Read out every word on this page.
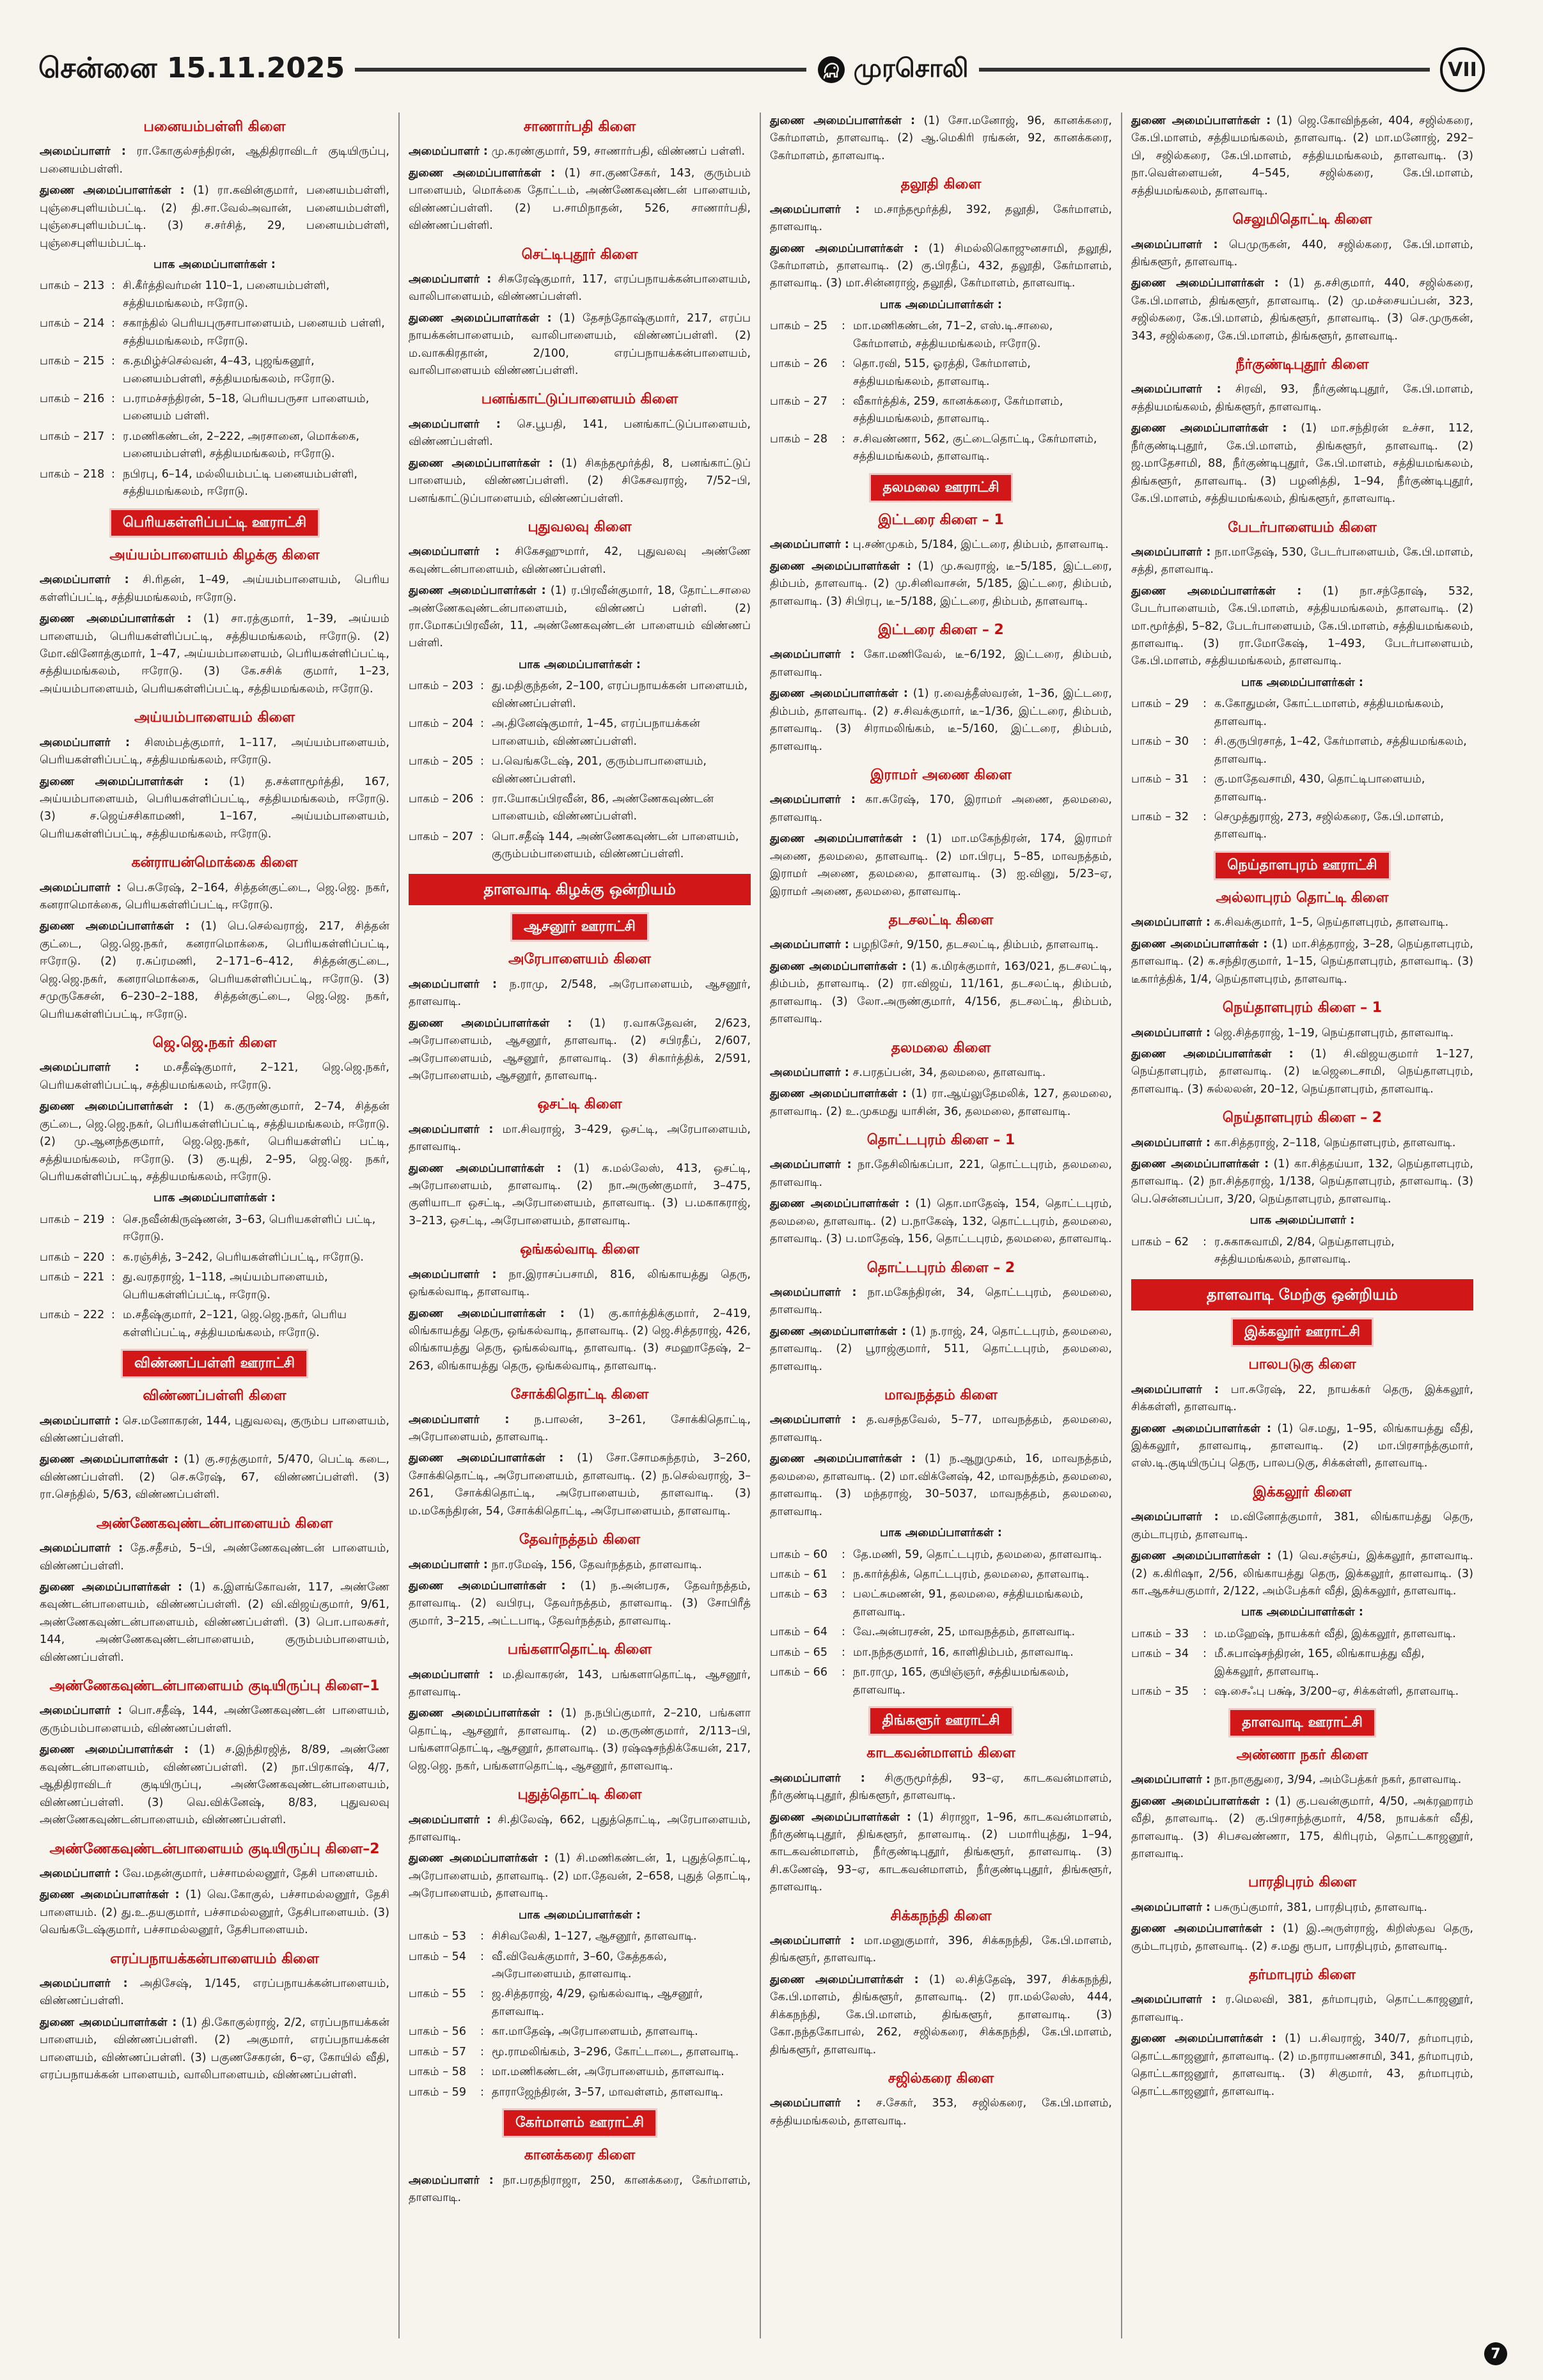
சென்னை 15.11.2025	முரசொலி	VII
பனையம்பள்ளி கிளை

அமைப்பாளர் : ரா.கோகுல்சந்திரன், ஆதிதிராவிடர் குடியிருப்பு, பனையம்பள்ளி.

துணை அமைப்பாளர்கள் : (1) ரா.கவின்குமார், பனையம்பள்ளி, புஞ்சைபுளியம்பட்டி. (2) தி.சா.வேல்அவான், பனையம்பள்ளி, புஞ்சைபுளியம்பட்டி. (3) ச.சர்சித், 29, பனையம்பள்ளி, புஞ்சைபுளியம்பட்டி.

பாக அமைப்பாளர்கள் :
பாகம் – 213 : சி.கீர்த்திவர்மன் 110–1, பனையம்பள்ளி, சத்தியமங்கலம், ஈரோடு.
பாகம் – 214 : சகாந்தில் பெரியபுருசாபாளையம், பனையம் பள்ளி, சத்தியமங்கலம், ஈரோடு.
பாகம் – 215 : க.தமிழ்ச்செல்வன், 4–43, புஜங்கனூர், பனையம்பள்ளி, சத்தியமங்கலம், ஈரோடு.
பாகம் – 216 : ப.ராமச்சந்திரன், 5–18, பெரியபருசா பாளையம், பனையம் பள்ளி.
பாகம் – 217 : ர.மணிகண்டன், 2–222, அரசானை, மொக்கை, பனையம்பள்ளி, சத்தியமங்கலம், ஈரோடு.
பாகம் – 218 : நபிரபு, 6–14, மல்லியம்பட்டி பனையம்பள்ளி, சத்தியமங்கலம், ஈரோடு.
பெரியகள்ளிப்பட்டி ஊராட்சி
அய்யம்பாளையம் கிழக்கு கிளை

அமைப்பாளர் : சி.ரிதன், 1–49, அய்யம்பாளையம், பெரிய கள்ளிப்பட்டி, சத்தியமங்கலம், ஈரோடு.

துணை அமைப்பாளர்கள் : (1) சா.ரத்குமார், 1–39, அய்யம் பாளையம், பெரியகள்ளிப்பட்டி, சத்தியமங்கலம், ஈரோடு. (2) மோ.வினோத்குமார், 1–47, அய்யம்பாளையம், பெரியகள்ளிப்பட்டி, சத்தியமங்கலம், ஈரோடு. (3) கே.சசிக் குமார், 1–23, அய்யம்பாளையம், பெரியகள்ளிப்பட்டி, சத்தியமங்கலம், ஈரோடு.

அய்யம்பாளையம் கிளை

அமைப்பாளர் : சிஸம்பத்குமார், 1–117, அய்யம்பாளையம், பெரியகள்ளிப்பட்டி, சத்தியமங்கலம், ஈரோடு.

துணை அமைப்பாளர்கள் : (1) த.சக்ளாமூர்த்தி, 167, அய்யம்பாளையம், பெரியகள்ளிப்பட்டி, சத்தியமங்கலம், ஈரோடு. (3) ச.ஜெய்சசிகாமணி, 1–167, அய்யம்பாளையம், பெரியகள்ளிப்பட்டி, சத்தியமங்கலம், ஈரோடு.

கன்ராயன்மொக்கை கிளை

அமைப்பாளர் : பெ.சுரேஷ், 2–164, சித்தன்குட்டை, ஜெ.ஜெ. நகர், கனராமொக்கை, பெரியகள்ளிப்பட்டி, ஈரோடு.

துணை அமைப்பாளர்கள் : (1) பெ.செல்வராஜ், 217, சித்தன் குட்டை, ஜெ.ஜெ.நகர், கனராமொக்கை, பெரியகள்ளிப்பட்டி, ஈரோடு. (2) ர.சுப்ரமணி, 2–171–6–412, சித்தன்குட்டை, ஜெ.ஜெ.நகர், கனராமொக்கை, பெரியகள்ளிப்பட்டி, ஈரோடு. (3) சமுருகேசன், 6–230–2–188, சித்தன்குட்டை, ஜெ.ஜெ. நகர், பெரியகள்ளிப்பட்டி, ஈரோடு.

ஜெ.ஜெ.நகர் கிளை

அமைப்பாளர் : ம.சதீஷ்குமார், 2–121, ஜெ.ஜெ.நகர், பெரியகள்ளிப்பட்டி, சத்தியமங்கலம், ஈரோடு.

துணை அமைப்பாளர்கள் : (1) க.குருண்குமார், 2–74, சித்தன் குட்டை, ஜெ.ஜெ.நகர், பெரியகள்ளிப்பட்டி, சத்தியமங்கலம், ஈரோடு. (2) மு.ஆனந்தகுமார், ஜெ.ஜெ.நகர், பெரியகள்ளிப் பட்டி, சத்தியமங்கலம், ஈரோடு. (3) கு.யுதி, 2–95, ஜெ.ஜெ. நகர், பெரியகள்ளிப்பட்டி, சத்தியமங்கலம், ஈரோடு.

பாக அமைப்பாளர்கள் :
பாகம் – 219 : செ.நவீன்கிருஷ்ணன், 3–63, பெரியகள்ளிப் பட்டி, ஈரோடு.
பாகம் – 220 : க.ரஞ்சித், 3–242, பெரியகள்ளிப்பட்டி, ஈரோடு.
பாகம் – 221 : து.வரதராஜ், 1–118, அய்யம்பாளையம், பெரியகள்ளிப்பட்டி, ஈரோடு.
பாகம் – 222 : ம.சதீஷ்குமார், 2–121, ஜெ.ஜெ.நகர், பெரிய கள்ளிப்பட்டி, சத்தியமங்கலம், ஈரோடு.
விண்ணப்பள்ளி ஊராட்சி
விண்ணப்பள்ளி கிளை

அமைப்பாளர் : செ.மனோகரன், 144, புதுவலவு, குரும்ப பாளையம், விண்ணப்பள்ளி.

துணை அமைப்பாளர்கள் : (1) கு.சரத்குமார், 5/470, பெட்டி கடை, விண்ணப்பள்ளி. (2) செ.சுரேஷ், 67, விண்ணப்பள்ளி. (3) ரா.செந்தில், 5/63, விண்ணப்பள்ளி.

அண்ணேகவுண்டன்பாளையம் கிளை

அமைப்பாளர் : தே.சதீசம், 5–பி, அண்ணேகவுண்டன் பாளையம், விண்ணப்பள்ளி.

துணை அமைப்பாளர்கள் : (1) க.இளங்கோவன், 117, அண்ணே கவுண்டன்பாளையம், விண்ணப்பள்ளி. (2) வி.விஜய்குமார், 9/61, அண்ணேகவுண்டன்பாளையம், விண்ணப்பள்ளி. (3) பொ.பாலசுசர், 144, அண்ணேகவுண்டன்பாளையம், குரும்பம்பாளையம், விண்ணப்பள்ளி.

அண்ணேகவுண்டன்பாளையம் குடியிருப்பு கிளை–1

அமைப்பாளர் : பொ.சதீஷ், 144, அண்ணேகவுண்டன் பாளையம், குரும்பம்பாளையம், விண்ணப்பள்ளி.

துணை அமைப்பாளர்கள் : (1) ச.இந்திரஜித், 8/89, அண்ணே கவுண்டன்பாளையம், விண்ணப்பள்ளி. (2) நா.பிரகாஷ், 4/7, ஆதிதிராவிடர் குடியிருப்பு, அண்ணேகவுண்டன்பாளையம், விண்ணப்பள்ளி. (3) வெ.விக்னேஷ், 8/83, புதுவலவு அண்ணேகவுண்டன்பாளையம், விண்ணப்பள்ளி.

அண்ணேகவுண்டன்பாளையம் குடியிருப்பு கிளை–2

அமைப்பாளர் : வே.மதன்குமார், பச்சாமல்லனூர், தேசி பாளையம்.

துணை அமைப்பாளர்கள் : (1) வெ.கோகுல், பச்சாமல்லனூர், தேசி பாளையம். (2) து.உ.தயகுமார், பச்சாமல்லனூர், தேசிபாளையம். (3) வெங்கடேஷ்குமார், பச்சாமல்லனூர், தேசிபாளையம்.

எரப்பநாயக்கன்பாளையம் கிளை

அமைப்பாளர் : அதிசேஷ், 1/145, எரப்பநாயக்கன்பாளையம், விண்ணப்பள்ளி.

துணை அமைப்பாளர்கள் : (1) தி.கோகுல்ராஜ், 2/2, எரப்பநாயக்கன் பாளையம், விண்ணப்பள்ளி. (2) அகுமார், எரப்பநாயக்கன் பாளையம், விண்ணப்பள்ளி. (3) பகுணசேகரன், 6–ஏ, கோயில் வீதி, எரப்பநாயக்கன் பாளையம், வாலிபாளையம், விண்ணப்பள்ளி.

சாணார்பதி கிளை

அமைப்பாளர் : மு.கரண்குமார், 59, சாணார்பதி, விண்ணப் பள்ளி.

துணை அமைப்பாளர்கள் : (1) சா.குணசேகர், 143, குரும்பம் பாளையம், மொக்கை தோட்டம், அண்ணேகவுண்டன் பாளையம், விண்ணப்பள்ளி. (2) ப.சாமிநாதன், 526, சாணார்பதி, விண்ணப்பள்ளி.

செட்டிபுதூர் கிளை

அமைப்பாளர் : சிசுரேஷ்குமார், 117, எரப்பநாயக்கன்பாளையம், வாலிபாளையம், விண்ணப்பள்ளி.

துணை அமைப்பாளர்கள் : (1) தேசந்தோஷ்குமார், 217, எரப்ப நாயக்கன்பாளையம், வாலிபாளையம், விண்ணப்பள்ளி. (2) ம.வாசுகிரதான், 2/100, எரப்பநாயக்கன்பாளையம், வாலிபாளையம் விண்ணப்பள்ளி.

பனங்காட்டுப்பாளையம் கிளை

அமைப்பாளர் : செ.பூபதி, 141, பனங்காட்டுப்பாளையம், விண்ணப்பள்ளி.

துணை அமைப்பாளர்கள் : (1) சிகந்தமூர்த்தி, 8, பனங்காட்டுப் பாளையம், விண்ணப்பள்ளி. (2) சிகேசவராஜ், 7/52–பி, பனங்காட்டுப்பாளையம், விண்ணப்பள்ளி.

புதுவலவு கிளை

அமைப்பாளர் : சிகேசஹுமார், 42, புதுவலவு அண்ணே கவுண்டன்பாளையம், விண்ணப்பள்ளி.

துணை அமைப்பாளர்கள் : (1) ர.பிரவீன்குமார், 18, தோட்டசாலை அண்ணேகவுண்டன்பாளையம், விண்ணப் பள்ளி. (2) ரா.மோகப்பிரவீன், 11, அண்ணேகவுண்டன் பாளையம் விண்ணப் பள்ளி.

பாக அமைப்பாளர்கள் :
பாகம் – 203 : து.மதிகுந்தன், 2–100, எரப்பநாயக்கன் பாளையம், விண்ணப்பள்ளி.
பாகம் – 204 : அ.தினேஷ்குமார், 1–45, எரப்பநாயக்கன் பாளையம், விண்ணப்பள்ளி.
பாகம் – 205 : ப.வெங்கடேஷ், 201, குரும்பாபாளையம், விண்ணப்பள்ளி.
பாகம் – 206 : ரா.யோகப்பிரவீன், 86, அண்ணேகவுண்டன் பாளையம், விண்ணப்பள்ளி.
பாகம் – 207 : பொ.சதீஷ் 144, அண்ணேகவுண்டன் பாளையம், குரும்பம்பாளையம், விண்ணப்பள்ளி.
தாளவாடி கிழக்கு ஒன்றியம்
ஆசனூர் ஊராட்சி
அரேபாளையம் கிளை

அமைப்பாளர் : ந.ராமு, 2/548, அரேபாளையம், ஆசனூர், தாளவாடி.

துணை அமைப்பாளர்கள் : (1) ர.வாசுதேவன், 2/623, அரேபாளையம், ஆசனூர், தாளவாடி. (2) சபிரதீப், 2/607, அரேபாளையம், ஆசனூர், தாளவாடி. (3) சிகார்த்திக், 2/591, அரேபாளையம், ஆசனூர், தாளவாடி.

ஒசட்டி கிளை

அமைப்பாளர் : மா.சிவராஜ், 3–429, ஒசட்டி, அரேபாளையம், தாளவாடி.

துணை அமைப்பாளர்கள் : (1) க.மல்லேஸ், 413, ஒசட்டி, அரேபாளையம், தாளவாடி. (2) நா.அருண்குமார், 3–475, குளியாடா ஒசட்டி, அரேபாளையம், தாளவாடி. (3) ப.மகாகராஜ், 3–213, ஒசட்டி, அரேபாளையம், தாளவாடி.

ஒங்கல்வாடி கிளை

அமைப்பாளர் : நா.இராசப்பசாமி, 816, லிங்காயத்து தெரு, ஒங்கல்வாடி, தாளவாடி.

துணை அமைப்பாளர்கள் : (1) கு.கார்த்திக்குமார், 2–419, லிங்காயத்து தெரு, ஒங்கல்வாடி, தாளவாடி. (2) ஜெ.சித்தராஜ், 426, லிங்காயத்து தெரு, ஒங்கல்வாடி, தாளவாடி. (3) சமஹாதேஷ், 2–263, லிங்காயத்து தெரு, ஒங்கல்வாடி, தாளவாடி.

சோக்கிதொட்டி கிளை

அமைப்பாளர் : ந.பாலன், 3–261, சோக்கிதொட்டி, அரேபாளையம், தாளவாடி.

துணை அமைப்பாளர்கள் : (1) சோ.சோமசுந்தரம், 3–260, சோக்கிதொட்டி, அரேபாளையம், தாளவாடி. (2) ந.செல்வராஜ், 3–261, சோக்கிதொட்டி, அரேபாளையம், தாளவாடி. (3) ம.மகேந்திரன், 54, சோக்கிதொட்டி, அரேபாளையம், தாளவாடி.

தேவர்நத்தம் கிளை

அமைப்பாளர் : நா.ரமேஷ், 156, தேவர்நத்தம், தாளவாடி.

துணை அமைப்பாளர்கள் : (1) ந.அன்பரசு, தேவர்நத்தம், தாளவாடி. (2) வபிரபு, தேவர்நத்தம், தாளவாடி. (3) சோபிரீத் குமார், 3–215, அட்டபாடி, தேவர்நத்தம், தாளவாடி.

பங்களாதொட்டி கிளை

அமைப்பாளர் : ம.திவாகரன், 143, பங்களாதொட்டி, ஆசனூர், தாளவாடி.

துணை அமைப்பாளர்கள் : (1) ந.நபிப்குமார், 2–210, பங்களா தொட்டி, ஆசனூர், தாளவாடி. (2) ம.குருண்குமார், 2/113–பி, பங்களாதொட்டி, ஆசனூர், தாளவாடி. (3) ரஷ்ஷசந்திக்கேயன், 217, ஜெ.ஜெ. நகர், பங்களாதொட்டி, ஆசனூர், தாளவாடி.

புதுத்தொட்டி கிளை

அமைப்பாளர் : சி.திலேஷ், 662, புதுத்தொட்டி, அரேபாளையம், தாளவாடி.

துணை அமைப்பாளர்கள் : (1) சி.மணிகண்டன், 1, புதுத்தொட்டி, அரேபாளையம், தாளவாடி. (2) மா.தேவன், 2–658, புதுத் தொட்டி, அரேபாளையம், தாளவாடி.

பாக அமைப்பாளர்கள் :
பாகம் – 53	: சிசிவலேகி, 1–127, ஆசனூர், தாளவாடி.
பாகம் – 54	: வீ.விவேக்குமார், 3–60, கேத்தகல், அரேபாளையம், தாளவாடி.
பாகம் – 55	: ஜ.சித்தராஜ், 4/29, ஒங்கல்வாடி, ஆசனூர், தாளவாடி.
பாகம் – 56	: கா.மாதேஷ், அரேபாளையம், தாளவாடி.
பாகம் – 57	: மூ.ராமலிங்கம், 3–296, கோட்டாடை, தாளவாடி.
பாகம் – 58	: மா.மணிகண்டன், அரேபாளையம், தாளவாடி.
பாகம் – 59	: தாராஜேந்திரன், 3–57, மாவள்ளம், தாளவாடி.
கேர்மாளம் ஊராட்சி
கானக்கரை கிளை

அமைப்பாளர் : நா.பரதநிராஜா, 250, கானக்கரை, கேர்மாளம், தாளவாடி.

துணை அமைப்பாளர்கள் : (1) சோ.மனோஜ், 96, கானக்கரை, கேர்மாளம், தாளவாடி. (2) ஆ.மெகிரி ரங்கன், 92, கானக்கரை, கேர்மாளம், தாளவாடி.

தலூதி கிளை

அமைப்பாளர் : ம.சாந்தமூர்த்தி, 392, தலூதி, கேர்மாளம், தாளவாடி.

துணை அமைப்பாளர்கள் : (1) சிமல்லிகொஜுனசாமி, தலூதி, கேர்மாளம், தாளவாடி. (2) கு.பிரதீப், 432, தலூதி, கேர்மாளம், தாளவாடி. (3) மா.சின்னராஜ், தலூதி, கேர்மாளம், தாளவாடி.

பாக அமைப்பாளர்கள் :
பாகம் – 25	: மா.மணிகண்டன், 71–2, எஸ்.டி.சாலை, கேர்மாளம், சத்தியமங்கலம், ஈரோடு.
பாகம் – 26	: தொ.ரவி, 515, ஓரத்தி, கேர்மாளம், சத்தியமங்கலம், தாளவாடி.
பாகம் – 27	: வீகார்த்திக், 259, கானக்கரை, கேர்மாளம், சத்தியமங்கலம், தாளவாடி.
பாகம் – 28	: ச.சிவண்ணா, 562, குட்டைதொட்டி, கேர்மாளம், சத்தியமங்கலம், தாளவாடி.
தலமலை ஊராட்சி
இட்டரை கிளை – 1

அமைப்பாளர் : பு.சண்முகம், 5/184, இட்டரை, திம்பம், தாளவாடி.

துணை அமைப்பாளர்கள் : (1) மு.சுவராஜ், டீ–5/185, இட்டரை, திம்பம், தாளவாடி. (2) மு.சினிவாசன், 5/185, இட்டரை, திம்பம், தாளவாடி. (3) சிபிரபு, டீ–5/188, இட்டரை, திம்பம், தாளவாடி.

இட்டரை கிளை – 2

அமைப்பாளர் : கோ.மணிவேல், டீ–6/192, இட்டரை, திம்பம், தாளவாடி.

துணை அமைப்பாளர்கள் : (1) ர.வைத்தீஸ்வரன், 1–36, இட்டரை, திம்பம், தாளவாடி. (2) ச.சிவக்குமார், டீ–1/36, இட்டரை, திம்பம், தாளவாடி. (3) சிராமலிங்கம், டீ–5/160, இட்டரை, திம்பம், தாளவாடி.

இராமர் அணை கிளை

அமைப்பாளர் : கா.சுரேஷ், 170, இராமர் அணை, தலமலை, தாளவாடி.

துணை அமைப்பாளர்கள் : (1) மா.மகேந்திரன், 174, இராமர் அணை, தலமலை, தாளவாடி. (2) மா.பிரபு, 5–85, மாவநத்தம், இராமர் அணை, தலமலை, தாளவாடி. (3) ஐ.வினு, 5/23–ஏ, இராமர் அணை, தலமலை, தாளவாடி.

தடசலட்டி கிளை

அமைப்பாளர் : பழநிசேர், 9/150, தடசலட்டி, திம்பம், தாளவாடி.

துணை அமைப்பாளர்கள் : (1) க.மிரக்குமார், 163/021, தடசலட்டி, திம்பம், தாளவாடி. (2) ரா.விஜய், 11/161, தடசலட்டி, திம்பம், தாளவாடி. (3) லோ.அருண்குமார், 4/156, தடசலட்டி, திம்பம், தாளவாடி.

தலமலை கிளை

அமைப்பாளர் : ச.பரதப்பன், 34, தலமலை, தாளவாடி.

துணை அமைப்பாளர்கள் : (1) ரா.ஆய்லுதேமலிக், 127, தலமலை, தாளவாடி. (2) உ.முகமது யாசின், 36, தலமலை, தாளவாடி.

தொட்டபுரம் கிளை – 1

அமைப்பாளர் : நா.தேசிலிங்கப்பா, 221, தொட்டபுரம், தலமலை, தாளவாடி.

துணை அமைப்பாளர்கள் : (1) தொ.மாதேஷ், 154, தொட்டபுரம், தலமலை, தாளவாடி. (2) ப.நாகேஷ், 132, தொட்டபுரம், தலமலை, தாளவாடி. (3) ப.மாதேஷ், 156, தொட்டபுரம், தலமலை, தாளவாடி.

தொட்டபுரம் கிளை – 2

அமைப்பாளர் : நா.மகேந்திரன், 34, தொட்டபுரம், தலமலை, தாளவாடி.

துணை அமைப்பாளர்கள் : (1) ந.ராஜ், 24, தொட்டபுரம், தலமலை, தாளவாடி. (2) பூராஜ்குமார், 511, தொட்டபுரம், தலமலை, தாளவாடி.

மாவநத்தம் கிளை

அமைப்பாளர் : த.வசந்தவேல், 5–77, மாவநத்தம், தலமலை, தாளவாடி.

துணை அமைப்பாளர்கள் : (1) ந.ஆறுமுகம், 16, மாவநத்தம், தலமலை, தாளவாடி. (2) மா.விக்னேஷ், 42, மாவநத்தம், தலமலை, தாளவாடி. (3) மந்தராஜ், 30–5037, மாவநத்தம், தலமலை, தாளவாடி.

பாக அமைப்பாளர்கள் :
பாகம் – 60	: தே.மணி, 59, தொட்டபுரம், தலமலை, தாளவாடி.
பாகம் – 61	: ந.கார்த்திக், தொட்டபுரம், தலமலை, தாளவாடி.
பாகம் – 63	: பலட்சுமணன், 91, தலமலை, சத்தியமங்கலம், தாளவாடி.
பாகம் – 64	: வே.அன்பரசன், 25, மாவநத்தம், தாளவாடி.
பாகம் – 65	: மா.நந்தகுமார், 16, காளிதிம்பம், தாளவாடி.
பாகம் – 66	: நா.ராமு, 165, குயிஞ்ஞர், சத்தியமங்கலம், தாளவாடி.
திங்களூர் ஊராட்சி
காடகவன்மாளம் கிளை

அமைப்பாளர் : சிகுருமூர்த்தி, 93–ஏ, காடகவன்மாளம், நீர்குண்டிபுதூர், திங்களூர், தாளவாடி.

துணை அமைப்பாளர்கள் : (1) சிராஜா, 1–96, காடகவன்மாளம், நீர்குண்டிபுதூர், திங்களூர், தாளவாடி. (2) பமாரியுத்து, 1–94, காடகவன்மாளம், நீர்குண்டிபுதூர், திங்களூர், தாளவாடி. (3) சி.கணேஷ், 93–ஏ, காடகவன்மாளம், நீர்குண்டிபுதூர், திங்களூர், தாளவாடி.

சிக்கநந்தி கிளை

அமைப்பாளர் : மா.மனுகுமார், 396, சிக்கநந்தி, கே.பி.மாளம், திங்களூர், தாளவாடி.

துணை அமைப்பாளர்கள் : (1) ல.சித்தேஷ், 397, சிக்கநந்தி, கே.பி.மாளம், திங்களூர், தாளவாடி. (2) ரா.மல்லேஸ், 444, சிக்கநந்தி, கே.பி.மாளம், திங்களூர், தாளவாடி. (3) கோ.நந்தகோபால், 262, சஜில்கரை, சிக்கநந்தி, கே.பி.மாளம், திங்களூர், தாளவாடி.

சஜில்கரை கிளை

அமைப்பாளர் : ச.சேகர், 353, சஜில்கரை, கே.பி.மாளம், சத்தியமங்கலம், தாளவாடி.

துணை அமைப்பாளர்கள் : (1) ஜெ.கோவிந்தன், 404, சஜில்கரை, கே.பி.மாளம், சத்தியமங்கலம், தாளவாடி. (2) மா.மனோஜ், 292–பி, சஜில்கரை, கே.பி.மாளம், சத்தியமங்கலம், தாளவாடி. (3) நா.வெள்ளையன், 4–545, சஜில்கரை, கே.பி.மாளம், சத்தியமங்கலம், தாளவாடி.

செலுமிதொட்டி கிளை

அமைப்பாளர் : பெமுருகன், 440, சஜில்கரை, கே.பி.மாளம், திங்களூர், தாளவாடி.

துணை அமைப்பாளர்கள் : (1) த.சசிகுமார், 440, சஜில்கரை, கே.பி.மாளம், திங்களூர், தாளவாடி. (2) மு.மச்சையப்பன், 323, சஜில்கரை, கே.பி.மாளம், திங்களூர், தாளவாடி. (3) செ.முருகன், 343, சஜில்கரை, கே.பி.மாளம், திங்களூர், தாளவாடி.

நீர்குண்டிபுதூர் கிளை

அமைப்பாளர் : சிரவி, 93, நீர்குண்டிபுதூர், கே.பி.மாளம், சத்தியமங்கலம், திங்களூர், தாளவாடி.

துணை அமைப்பாளர்கள் : (1) மா.சந்திரன் உச்சா, 112, நீர்குண்டிபுதூர், கே.பி.மாளம், திங்களூர், தாளவாடி. (2) ஜ.மாதேசாமி, 88, நீர்குண்டிபுதூர், கே.பி.மாளம், சத்தியமங்கலம், திங்களூர், தாளவாடி. (3) பழனித்தி, 1–94, நீர்குண்டிபுதூர், கே.பி.மாளம், சத்தியமங்கலம், திங்களூர், தாளவாடி.

பேடர்பாளையம் கிளை

அமைப்பாளர் : நா.மாதேஷ், 530, பேடர்பாளையம், கே.பி.மாளம், சத்தி, தாளவாடி.

துணை அமைப்பாளர்கள் : (1) நா.சந்தோஷ், 532, பேடர்பாளையம், கே.பி.மாளம், சத்தியமங்கலம், தாளவாடி. (2) மா.மூர்த்தி, 5–82, பேடர்பாளையம், கே.பி.மாளம், சத்தியமங்கலம், தாளவாடி. (3) ரா.மோகேஷ், 1–493, பேடர்பாளையம், கே.பி.மாளம், சத்தியமங்கலம், தாளவாடி.

பாக அமைப்பாளர்கள் :
பாகம் – 29	: க.கோதுமன், கோட்டமாளம், சத்தியமங்கலம், தாளவாடி.
பாகம் – 30	: சி.குருபிரசாத், 1–42, கேர்மாளம், சத்தியமங்கலம், தாளவாடி.
பாகம் – 31	: கு.மாதேவசாமி, 430, தொட்டிபாளையம், தாளவாடி.
பாகம் – 32	: செமுத்துராஜ், 273, சஜில்கரை, கே.பி.மாளம், தாளவாடி.
நெய்தாளபுரம் ஊராட்சி
அல்லாபுரம் தொட்டி கிளை

அமைப்பாளர் : க.சிவக்குமார், 1–5, நெய்தாளபுரம், தாளவாடி.

துணை அமைப்பாளர்கள் : (1) மா.சித்தராஜ், 3–28, நெய்தாளபுரம், தாளவாடி. (2) க.சந்திரகுமார், 1–15, நெய்தாளபுரம், தாளவாடி. (3) டீகார்த்திக், 1/4, நெய்தாளபுரம், தாளவாடி.

நெய்தாளபுரம் கிளை – 1

அமைப்பாளர் : ஜெ.சித்தராஜ், 1–19, நெய்தாளபுரம், தாளவாடி.

துணை அமைப்பாளர்கள் : (1) சி.விஜயகுமார் 1–127, நெய்தாளபுரம், தாளவாடி. (2) டீஜெடைசாமி, நெய்தாளபுரம், தாளவாடி. (3) சுல்லலன், 20–12, நெய்தாளபுரம், தாளவாடி.

நெய்தாளபுரம் கிளை – 2

அமைப்பாளர் : கா.சித்தராஜ், 2–118, நெய்தாளபுரம், தாளவாடி.

துணை அமைப்பாளர்கள் : (1) கா.சித்தய்யா, 132, நெய்தாளபுரம், தாளவாடி. (2) நா.சித்தராஜ், 1/138, நெய்தாளபுரம், தாளவாடி. (3) பெ.சென்னபப்பா, 3/20, நெய்தாளபுரம், தாளவாடி.

பாக அமைப்பாளர் :
பாகம் – 62	: ர.சுகாசுவாமி, 2/84, நெய்தாளபுரம், சத்தியமங்கலம், தாளவாடி.
தாளவாடி மேற்கு ஒன்றியம்
இக்கலூர் ஊராட்சி
பாலபடுகு கிளை

அமைப்பாளர் : பா.சுரேஷ், 22, நாயக்கர் தெரு, இக்கலூர், சிக்கள்ளி, தாளவாடி.

துணை அமைப்பாளர்கள் : (1) செ.மது, 1–95, லிங்காயத்து வீதி, இக்கலூர், தாளவாடி, தாளவாடி. (2) மா.பிரசாந்த்குமார், எஸ்.டி.குடியிருப்பு தெரு, பாலபடுகு, சிக்கள்ளி, தாளவாடி.

இக்கலூர் கிளை

அமைப்பாளர் : ம.வினோத்குமார், 381, லிங்காயத்து தெரு, கும்டாபுரம், தாளவாடி.

துணை அமைப்பாளர்கள் : (1) வெ.சஞ்சய், இக்கலூர், தாளவாடி. (2) க.கிரிஷா, 2/56, லிங்காயத்து தெரு, இக்கலூர், தாளவாடி. (3) கா.ஆகச்யகுமார், 2/122, அம்பேத்கர் வீதி, இக்கலூர், தாளவாடி.

பாக அமைப்பாளர்கள் :
பாகம் – 33	: ம.மஹேஷ், நாயக்கர் வீதி, இக்கலூர், தாளவாடி.
பாகம் – 34	: மீ.சுபாஷ்சந்திரன், 165, லிங்காயத்து வீதி, இக்கலூர், தாளவாடி.
பாகம் – 35	: ஷ.சைஃபு பக்ஷ், 3/200–ஏ, சிக்கள்ளி, தாளவாடி.
தாளவாடி ஊராட்சி
அண்ணா நகர் கிளை

அமைப்பாளர் : நா.நாகுதுரை, 3/94, அம்பேத்கர் நகர், தாளவாடி.

துணை அமைப்பாளர்கள் : (1) கு.பவன்குமார், 4/50, அக்ரஹாரம் வீதி, தாளவாடி. (2) கு.பிரசாந்த்குமார், 4/58, நாயக்கர் வீதி, தாளவாடி. (3) சிபசவண்ணா, 175, கிரிபுரம், தொட்டகாஜனூர், தாளவாடி.

பாரதிபுரம் கிளை

அமைப்பாளர் : பசுருப்குமார், 381, பாரதிபுரம், தாளவாடி.

துணை அமைப்பாளர்கள் : (1) இ.அருள்ராஜ், கிறிஸ்தவ தெரு, கும்டாபுரம், தாளவாடி. (2) ச.மது ரூபா, பாரதிபுரம், தாளவாடி.

தர்மாபுரம் கிளை

அமைப்பாளர் : ர.மெலவி, 381, தர்மாபுரம், தொட்டகாஜனூர், தாளவாடி.

துணை அமைப்பாளர்கள் : (1) ப.சிவராஜ், 340/7, தர்மாபுரம், தொட்டகாஜனூர், தாளவாடி. (2) ம.நாராயணசாமி, 341, தர்மாபுரம், தொட்டகாஜனூர், தாளவாடி. (3) சிகுமார், 43, தர்மாபுரம், தொட்டகாஜனூர், தாளவாடி.

7
